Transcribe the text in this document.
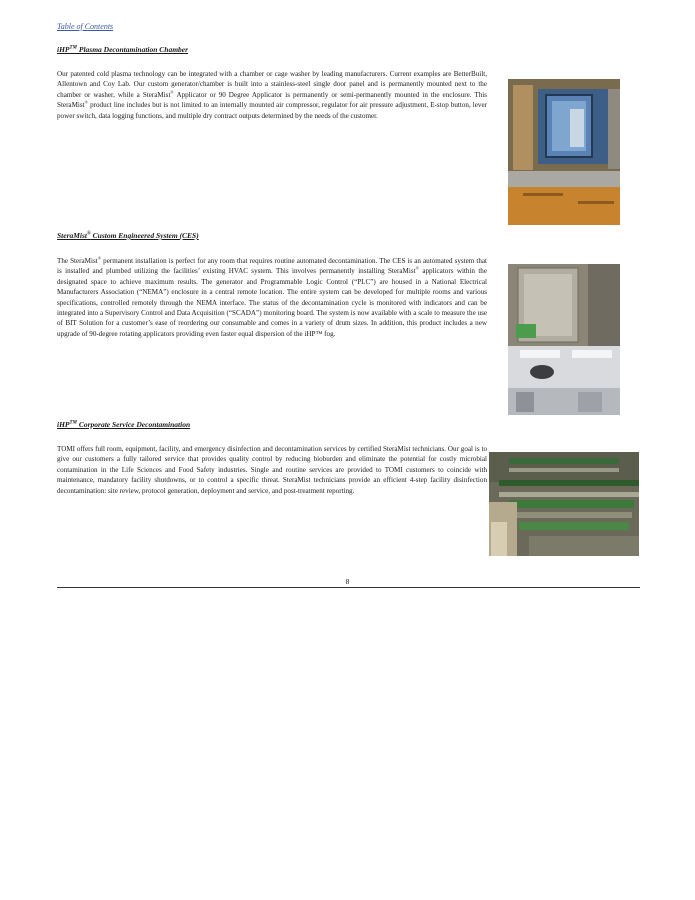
Table of Contents
iHP™ Plasma Decontamination Chamber

Our patented cold plasma technology can be integrated with a chamber or cage washer by leading manufacturers. Current examples are BetterBuilt, Allentown and Coy Lab. Our custom generator/chamber is built into a stainless-steel single door panel and is permanently mounted next to the chamber or washer, while a SteraMist® Applicator or 90 Degree Applicator is permanently or semi-permanently mounted in the enclosure. This SteraMist® product line includes but is not limited to an internally mounted air compressor, regulator for air pressure adjustment, E-stop button, lever power switch, data logging functions, and multiple dry contract outputs determined by the needs of the customer.

SteraMist® Custom Engineered System (CES)

The SteraMist® permanent installation is perfect for any room that requires routine automated decontamination. The CES is an automated system that is installed and plumbed utilizing the facilities’ existing HVAC system. This involves permanently installing SteraMist® applicators within the designated space to achieve maximum results. The generator and Programmable Logic Control (“PLC”) are housed in a National Electrical Manufacturers Association (“NEMA”) enclosure in a central remote location. The entire system can be developed for multiple rooms and various specifications, controlled remotely through the NEMA interface. The status of the decontamination cycle is monitored with indicators and can be integrated into a Supervisory Control and Data Acquisition (“SCADA”) monitoring board. The system is now available with a scale to measure the use of BIT Solution for a customer’s ease of reordering our consumable and comes in a variety of drum sizes. In addition, this product includes a new upgrade of 90-degree rotating applicators providing even faster equal dispersion of the iHP™ fog.

iHP™ Corporate Service Decontamination

TOMI offers full room, equipment, facility, and emergency disinfection and decontamination services by certified SteraMist technicians. Our goal is to give our customers a fully tailored service that provides quality control by reducing bioburden and eliminate the potential for costly microbial contamination in the Life Sciences and Food Safety industries. Single and routine services are provided to TOMI customers to coincide with maintenance, mandatory facility shutdowns, or to control a specific threat. SteraMist technicians provide an efficient 4-step facility disinfection decontamination: site review, protocol generation, deployment and service, and post-treatment reporting.

8
